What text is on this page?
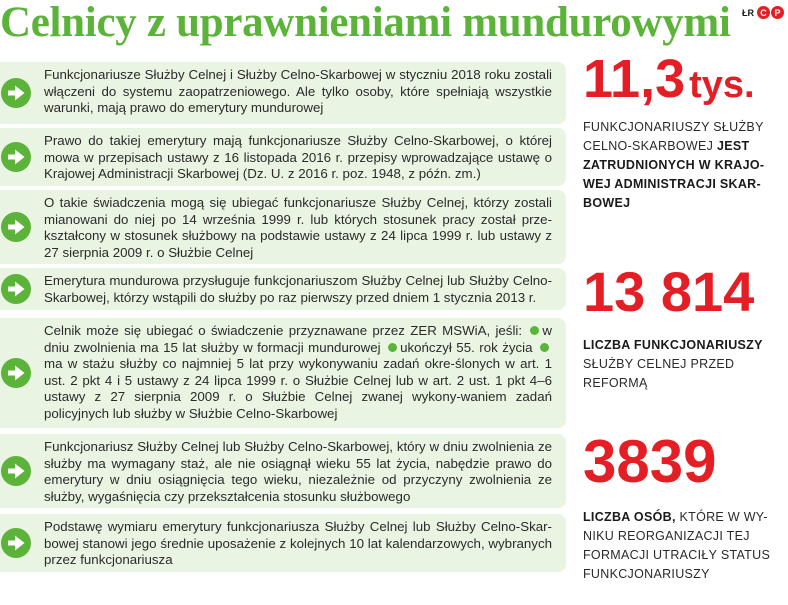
Celnicy z uprawnieniami mundurowymi ŁR C P

Funkcjonariusze Służby Celnej i Służby Celno-Skarbowej w styczniu 2018 roku zostali włączeni do systemu zaopatrzeniowego. Ale tylko osoby, które spełniają wszystkie warunki, mają prawo do emerytury mundurowej

Prawo do takiej emerytury mają funkcjonariusze Służby Celno-Skarbowej, o której mowa w przepisach ustawy z 16 listopada 2016 r. przepisy wprowadzające ustawę o Krajowej Administracji Skarbowej (Dz. U. z 2016 r. poz. 1948, z późn. zm.)

O takie świadczenia mogą się ubiegać funkcjonariusze Służby Celnej, którzy zostali mianowani do niej po 14 września 1999 r. lub których stosunek pracy został prze-kształcony w stosunek służbowy na podstawie ustawy z 24 lipca 1999 r. lub ustawy z 27 sierpnia 2009 r. o Służbie Celnej

Emerytura mundurowa przysługuje funkcjonariuszom Służby Celnej lub Służby Celno-Skarbowej, którzy wstąpili do służby po raz pierwszy przed dniem 1 stycznia 2013 r.

Celnik może się ubiegać o świadczenie przyznawane przez ZER MSWiA, jeśli: w dniu zwolnienia ma 15 lat służby w formacji mundurowej ukończył 55. rok życia ma w stażu służby co najmniej 5 lat przy wykonywaniu zadań okre-ślonych w art. 1 ust. 2 pkt 4 i 5 ustawy z 24 lipca 1999 r. o Służbie Celnej lub w art. 2 ust. 1 pkt 4–6 ustawy z 27 sierpnia 2009 r. o Służbie Celnej zwanej wykony-waniem zadań policyjnych lub służby w Służbie Celno-Skarbowej

Funkcjonariusz Służby Celnej lub Służby Celno-Skarbowej, który w dniu zwolnienia ze służby ma wymagany staż, ale nie osiągnął wieku 55 lat życia, nabędzie prawo do emerytury w dniu osiągnięcia tego wieku, niezależnie od przyczyny zwolnienia ze służby, wygaśnięcia czy przekształcenia stosunku służbowego

Podstawę wymiaru emerytury funkcjonariusza Służby Celnej lub Służby Celno-Skar-bowej stanowi jego średnie uposażenie z kolejnych 10 lat kalendarzowych, wybranych przez funkcjonariusza

11,3 tys.
FUNKCJONARIUSZY SŁUŻBY CELNO-SKARBOWEJ JEST ZATRUDNIONYCH W KRAJO-WEJ ADMINISTRACJI SKAR-BOWEJ
13 814
LICZBA FUNKCJONARIUSZY
SŁUŻBY CELNEJ PRZED REFORMĄ
3839
LICZBA OSÓB, KTÓRE W WY-NIKU REORGANIZACJI TEJ FORMACJI UTRACIŁY STATUS FUNKCJONARIUSZY
